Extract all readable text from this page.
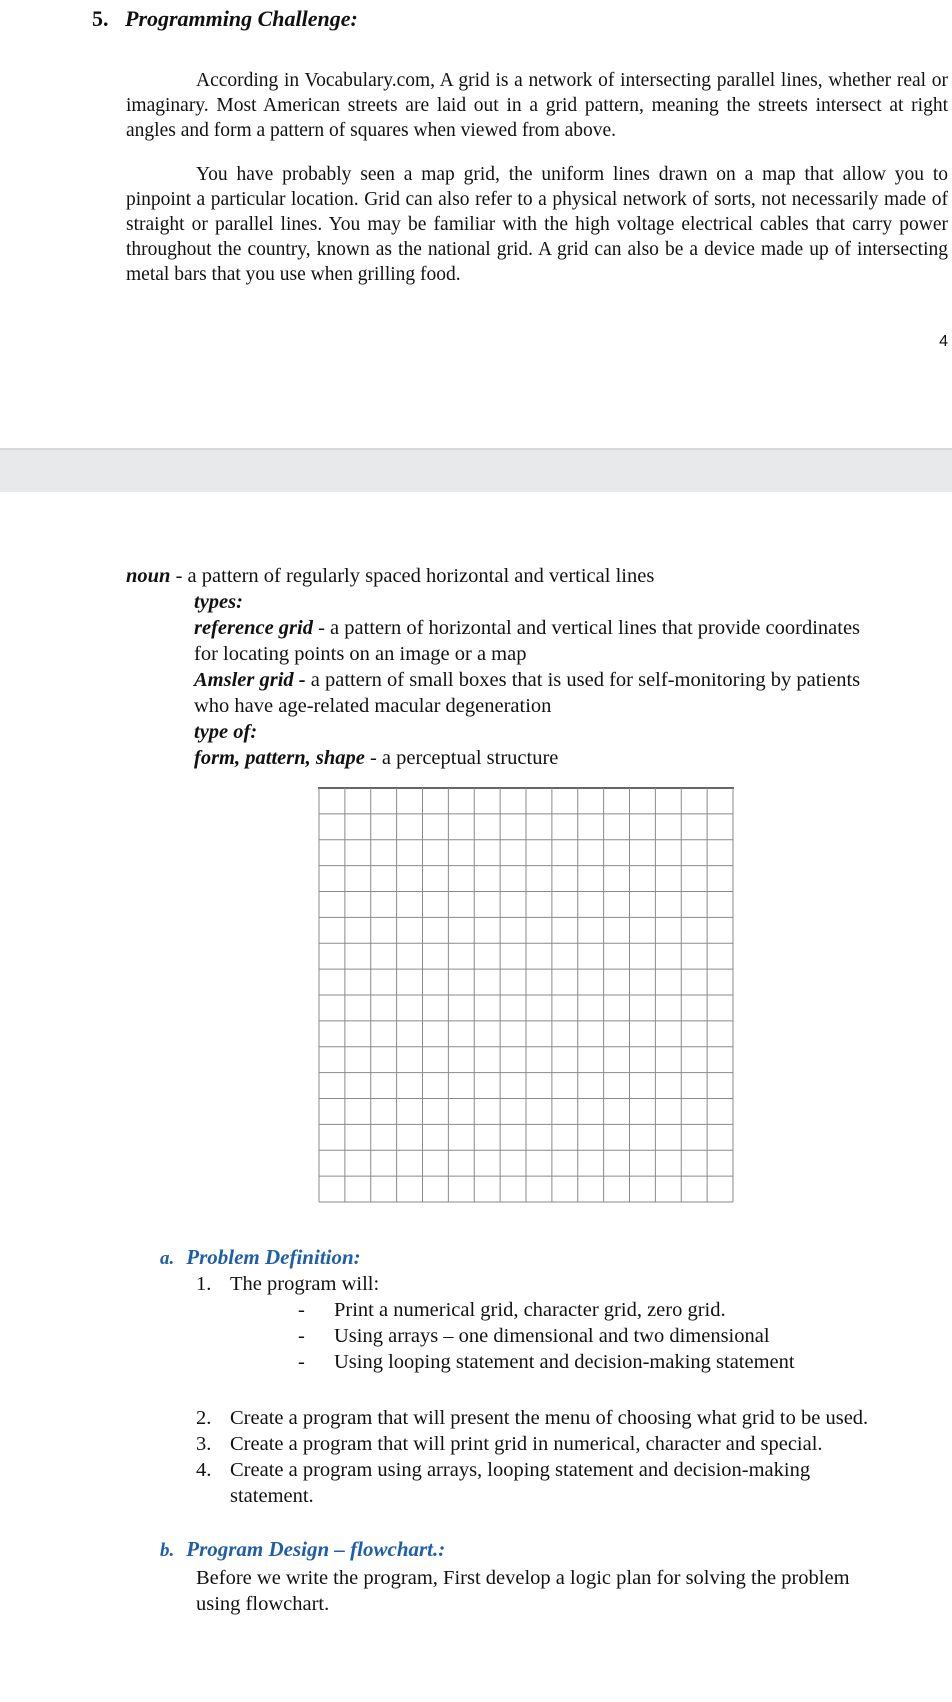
5. Programming Challenge:
According in Vocabulary.com, A grid is a network of intersecting parallel lines, whether real or imaginary. Most American streets are laid out in a grid pattern, meaning the streets intersect at right angles and form a pattern of squares when viewed from above.
You have probably seen a map grid, the uniform lines drawn on a map that allow you to pinpoint a particular location. Grid can also refer to a physical network of sorts, not necessarily made of straight or parallel lines. You may be familiar with the high voltage electrical cables that carry power throughout the country, known as the national grid. A grid can also be a device made up of intersecting metal bars that you use when grilling food.
4
noun - a pattern of regularly spaced horizontal and vertical lines
types:
reference grid - a pattern of horizontal and vertical lines that provide coordinates
for locating points on an image or a map
Amsler grid - a pattern of small boxes that is used for self-monitoring by patients
who have age-related macular degeneration
type of:
form, pattern, shape - a perceptual structure
a. Problem Definition:
1. The program will:
- Print a numerical grid, character grid, zero grid.
- Using arrays – one dimensional and two dimensional
- Using looping statement and decision-making statement
2. Create a program that will present the menu of choosing what grid to be used.
3. Create a program that will print grid in numerical, character and special.
4. Create a program using arrays, looping statement and decision-making
statement.
b. Program Design – flowchart.:
Before we write the program, First develop a logic plan for solving the problem
using flowchart.
